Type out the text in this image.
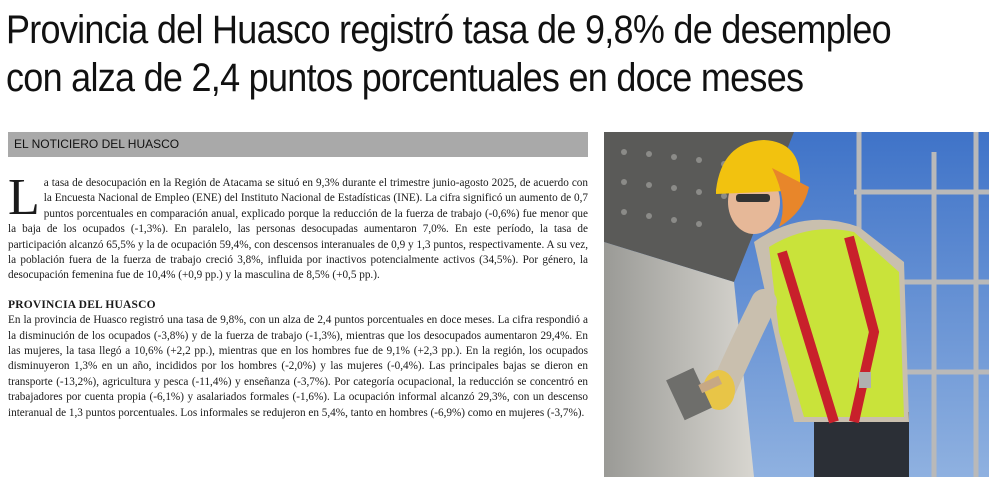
Provincia del Huasco registró tasa de 9,8% de desempleo
con alza de 2,4 puntos porcentuales en doce meses
EL NOTICIERO DEL HUASCO

La tasa de desocupación en la Región de Atacama se situó en 9,3% durante el trimestre junio-agosto 2025, de acuerdo con la Encuesta Nacional de Empleo (ENE) del Instituto Nacional de Estadísticas (INE). La cifra significó un aumento de 0,7 puntos porcentuales en comparación anual, explicado porque la reducción de la fuerza de trabajo (-0,6%) fue menor que la baja de los ocupados (-1,3%). En paralelo, las personas desocupadas aumentaron 7,0%. En este período, la tasa de participación alcanzó 65,5% y la de ocupación 59,4%, con descensos interanuales de 0,9 y 1,3 puntos, respectivamente. A su vez, la población fuera de la fuerza de trabajo creció 3,8%, influida por inactivos potencialmente activos (34,5%). Por género, la desocupación femenina fue de 10,4% (+0,9 pp.) y la masculina de 8,5% (+0,5 pp.).

PROVINCIA DEL HUASCO

En la provincia de Huasco registró una tasa de 9,8%, con un alza de 2,4 puntos porcentuales en doce meses. La cifra respondió a la disminución de los ocupados (-3,8%) y de la fuerza de trabajo (-1,3%), mientras que los desocupados aumentaron 29,4%. En las mujeres, la tasa llegó a 10,6% (+2,2 pp.), mientras que en los hombres fue de 9,1% (+2,3 pp.). En la región, los ocupados disminuyeron 1,3% en un año, incididos por los hombres (-2,0%) y las mujeres (-0,4%). Las principales bajas se dieron en transporte (-13,2%), agricultura y pesca (-11,4%) y enseñanza (-3,7%). Por categoría ocupacional, la reducción se concentró en trabajadores por cuenta propia (-6,1%) y asalariados formales (-1,6%). La ocupación informal alcanzó 29,3%, con un descenso interanual de 1,3 puntos porcentuales. Los informales se redujeron en 5,4%, tanto en hombres (-6,9%) como en mujeres (-3,7%).
